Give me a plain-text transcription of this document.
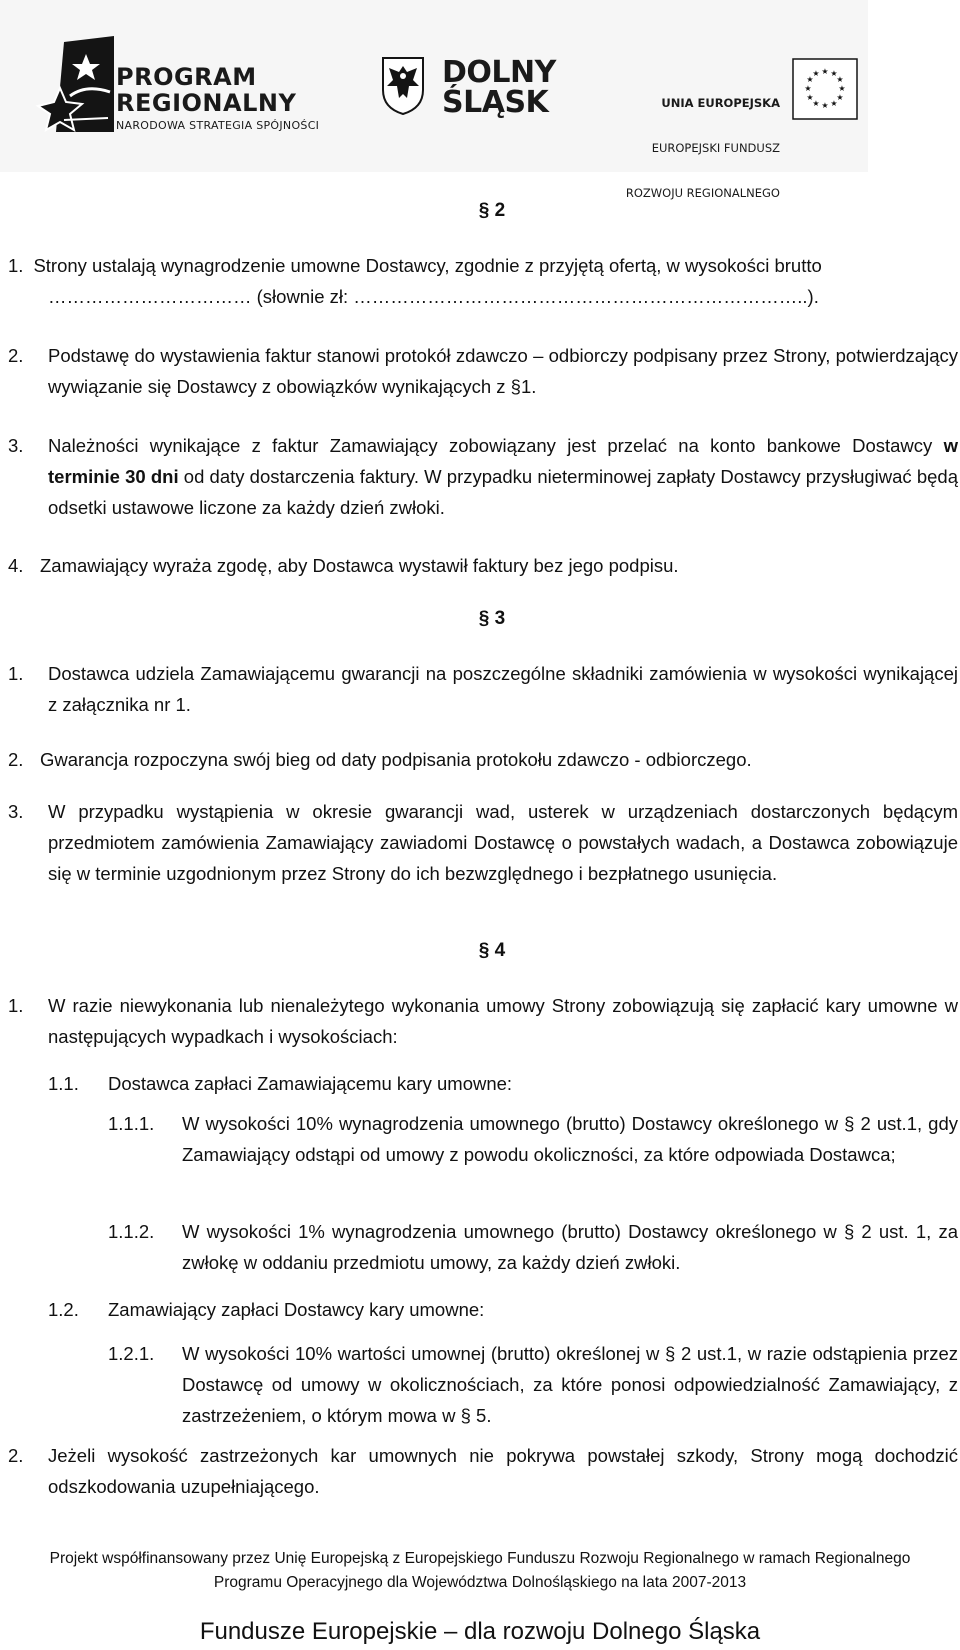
PROGRAM
REGIONALNY
NARODOWA STRATEGIA SPÓJNOŚCI
DOLNY
ŚLĄSK

	UNIA EUROPEJSKA

EUROPEJSKI FUNDUSZ

ROZWOJU REGIONALNEGO

★ ★
★
★
★
★
★
★
★
★
★
★
§ 2
1. Strony ustalają wynagrodzenie umowne Dostawcy, zgodnie z przyjętą ofertą, w wysokości brutto
…………………………… (słownie zł: ………………………………………………………………..).
2. Podstawę do wystawienia faktur stanowi protokół zdawczo – odbiorczy podpisany przez Strony, potwierdzający wywiązanie się Dostawcy z obowiązków wynikających z §1.
3. Należności wynikające z faktur Zamawiający zobowiązany jest przelać na konto bankowe Dostawcy w terminie 30 dni od daty dostarczenia faktury. W przypadku nieterminowej zapłaty Dostawcy przysługiwać będą odsetki ustawowe liczone za każdy dzień zwłoki.
4. Zamawiający wyraża zgodę, aby Dostawca wystawił faktury bez jego podpisu.
§ 3
1. Dostawca udziela Zamawiającemu gwarancji na poszczególne składniki zamówienia w wysokości wynikającej z załącznika nr 1.
2. Gwarancja rozpoczyna swój bieg od daty podpisania protokołu zdawczo - odbiorczego.
3. W przypadku wystąpienia w okresie gwarancji wad, usterek w urządzeniach dostarczonych będącym przedmiotem zamówienia Zamawiający zawiadomi Dostawcę o powstałych wadach, a Dostawca zobowiązuje się w terminie uzgodnionym przez Strony do ich bezwzględnego i bezpłatnego usunięcia.
§ 4
1. W razie niewykonania lub nienależytego wykonania umowy Strony zobowiązują się zapłacić kary umowne w następujących wypadkach i wysokościach:
1.1. Dostawca zapłaci Zamawiającemu kary umowne:
1.1.1. W wysokości 10% wynagrodzenia umownego (brutto) Dostawcy określonego w § 2 ust.1, gdy Zamawiający odstąpi od umowy z powodu okoliczności, za które odpowiada Dostawca;
1.1.2. W wysokości 1% wynagrodzenia umownego (brutto) Dostawcy określonego w § 2 ust. 1, za zwłokę w oddaniu przedmiotu umowy, za każdy dzień zwłoki.
1.2. Zamawiający zapłaci Dostawcy kary umowne:
1.2.1. W wysokości 10% wartości umownej (brutto) określonej w § 2 ust.1, w razie odstąpienia przez Dostawcę od umowy w okolicznościach, za które ponosi odpowiedzialność Zamawiający, z zastrzeżeniem, o którym mowa w § 5.
2. Jeżeli wysokość zastrzeżonych kar umownych nie pokrywa powstałej szkody, Strony mogą dochodzić odszkodowania uzupełniającego.
Projekt współfinansowany przez Unię Europejską z Europejskiego Funduszu Rozwoju Regionalnego w ramach Regionalnego
Programu Operacyjnego dla Województwa Dolnośląskiego na lata 2007-2013
Fundusze Europejskie – dla rozwoju Dolnego Śląska
